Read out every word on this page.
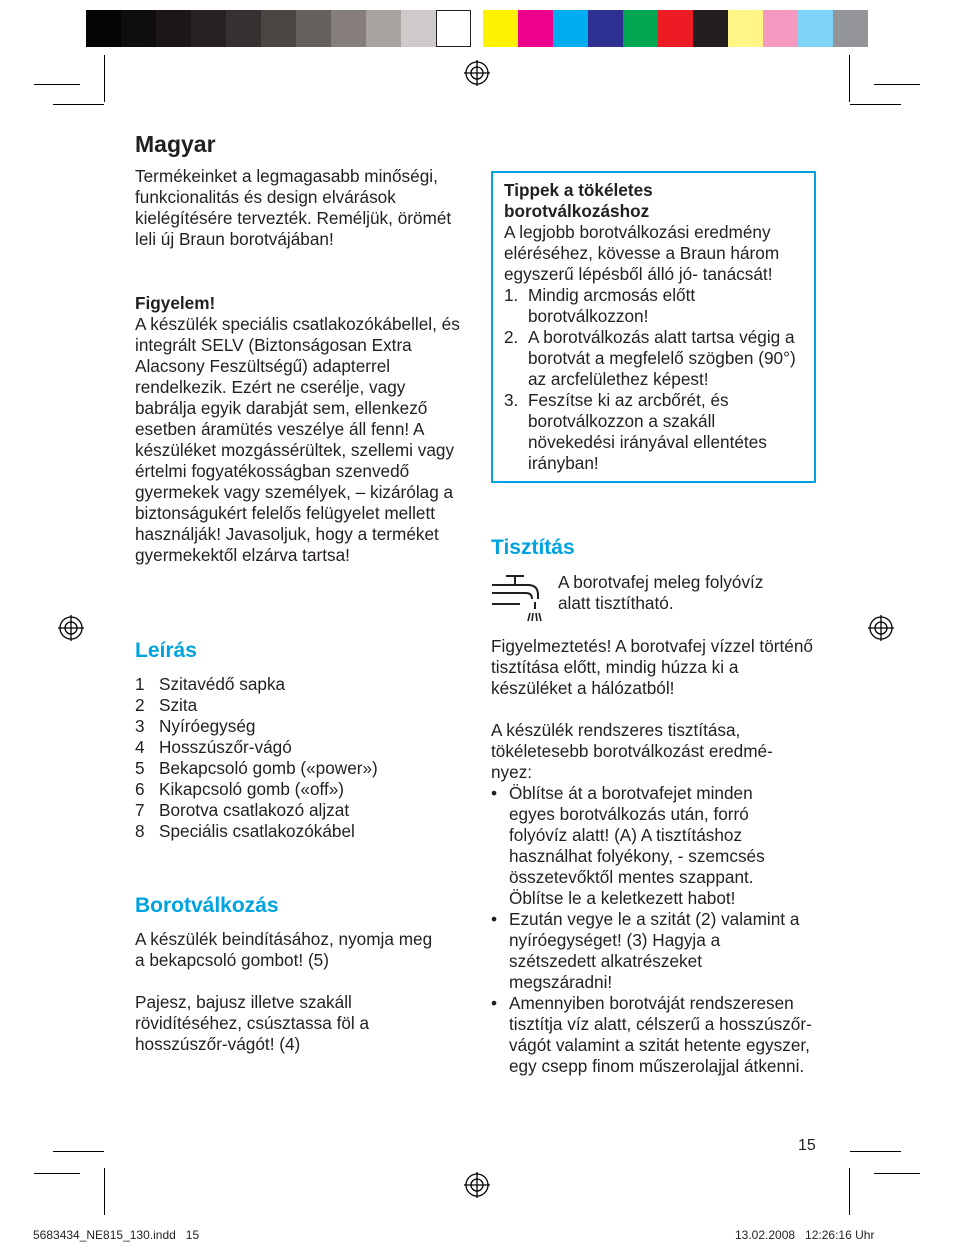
Magyar

Termékeinket a legmagasabb minőségi, funkcionalitás és design elvárások kielégítésére tervezték. Reméljük, örömét leli új Braun borotvájában!

Figyelem!

A készülék speciális csatlakozókábellel, és integrált SELV (Biztonságosan Extra Alacsony Feszültségű) adapterrel rendelkezik. Ezért ne cserélje, vagy babrálja egyik darabját sem, ellenkező esetben áramütés veszélye áll fenn! A készüléket mozgássérültek, szellemi vagy értelmi fogyatékosságban szenvedő gyermekek vagy személyek, – kizárólag a biztonságukért felelős felügyelet mellett használják! Javasoljuk, hogy a terméket gyermekektől elzárva tartsa!

Leírás
1 Szitavédő sapka
2 Szita
3 Nyíróegység
4 Hosszúszőr-vágó
5 Bekapcsoló gomb («power»)
6 Kikapcsoló gomb («off»)
7 Borotva csatlakozó aljzat
8 Speciális csatlakozókábel
Borotválkozás

A készülék beindításához, nyomja meg a bekapcsoló gombot! (5)

Pajesz, bajusz illetve szakáll rövidítéséhez, csúsztassa föl a hosszúszőr-vágót! (4)

Tippek a tökéletes borotválkozáshoz

A legjobb borotválkozási eredmény eléréséhez, kövesse a Braun három egyszerű lépésből álló jó- tanácsát!

1. Mindig arcmosás előtt borotválkozzon!
2. A borotválkozás alatt tartsa végig a borotvát a megfelelő szögben (90°) az arcfelülethez képest!
3. Feszítse ki az arcbőrét, és borotválkozzon a szakáll növekedési irányával ellentétes irányban!
Tisztítás

A borotvafej meleg folyóvíz alatt tisztítható.

Figyelmeztetés! A borotvafej vízzel történő tisztítása előtt, mindig húzza ki a készüléket a hálózatból!

A készülék rendszeres tisztítása, tökéletesebb borotválkozást eredmé- nyez:

• Öblítse át a borotvafejet minden egyes borotválkozás után, forró folyóvíz alatt! (A) A tisztításhoz használhat folyékony, - szemcsés összetevőktől mentes szappant. Öblítse le a keletkezett habot!
• Ezután vegye le a szitát (2) valamint a nyíróegységet! (3) Hagyja a szétszedett alkatrészeket megszáradni!
• Amennyiben borotváját rendszeresen tisztítja víz alatt, célszerű a hosszúszőr-vágót valamint a szitát hetente egyszer, egy csepp finom műszerolajjal átkenni.
15
5683434_NE815_130.indd   15	13.02.2008   12:26:16 Uhr
